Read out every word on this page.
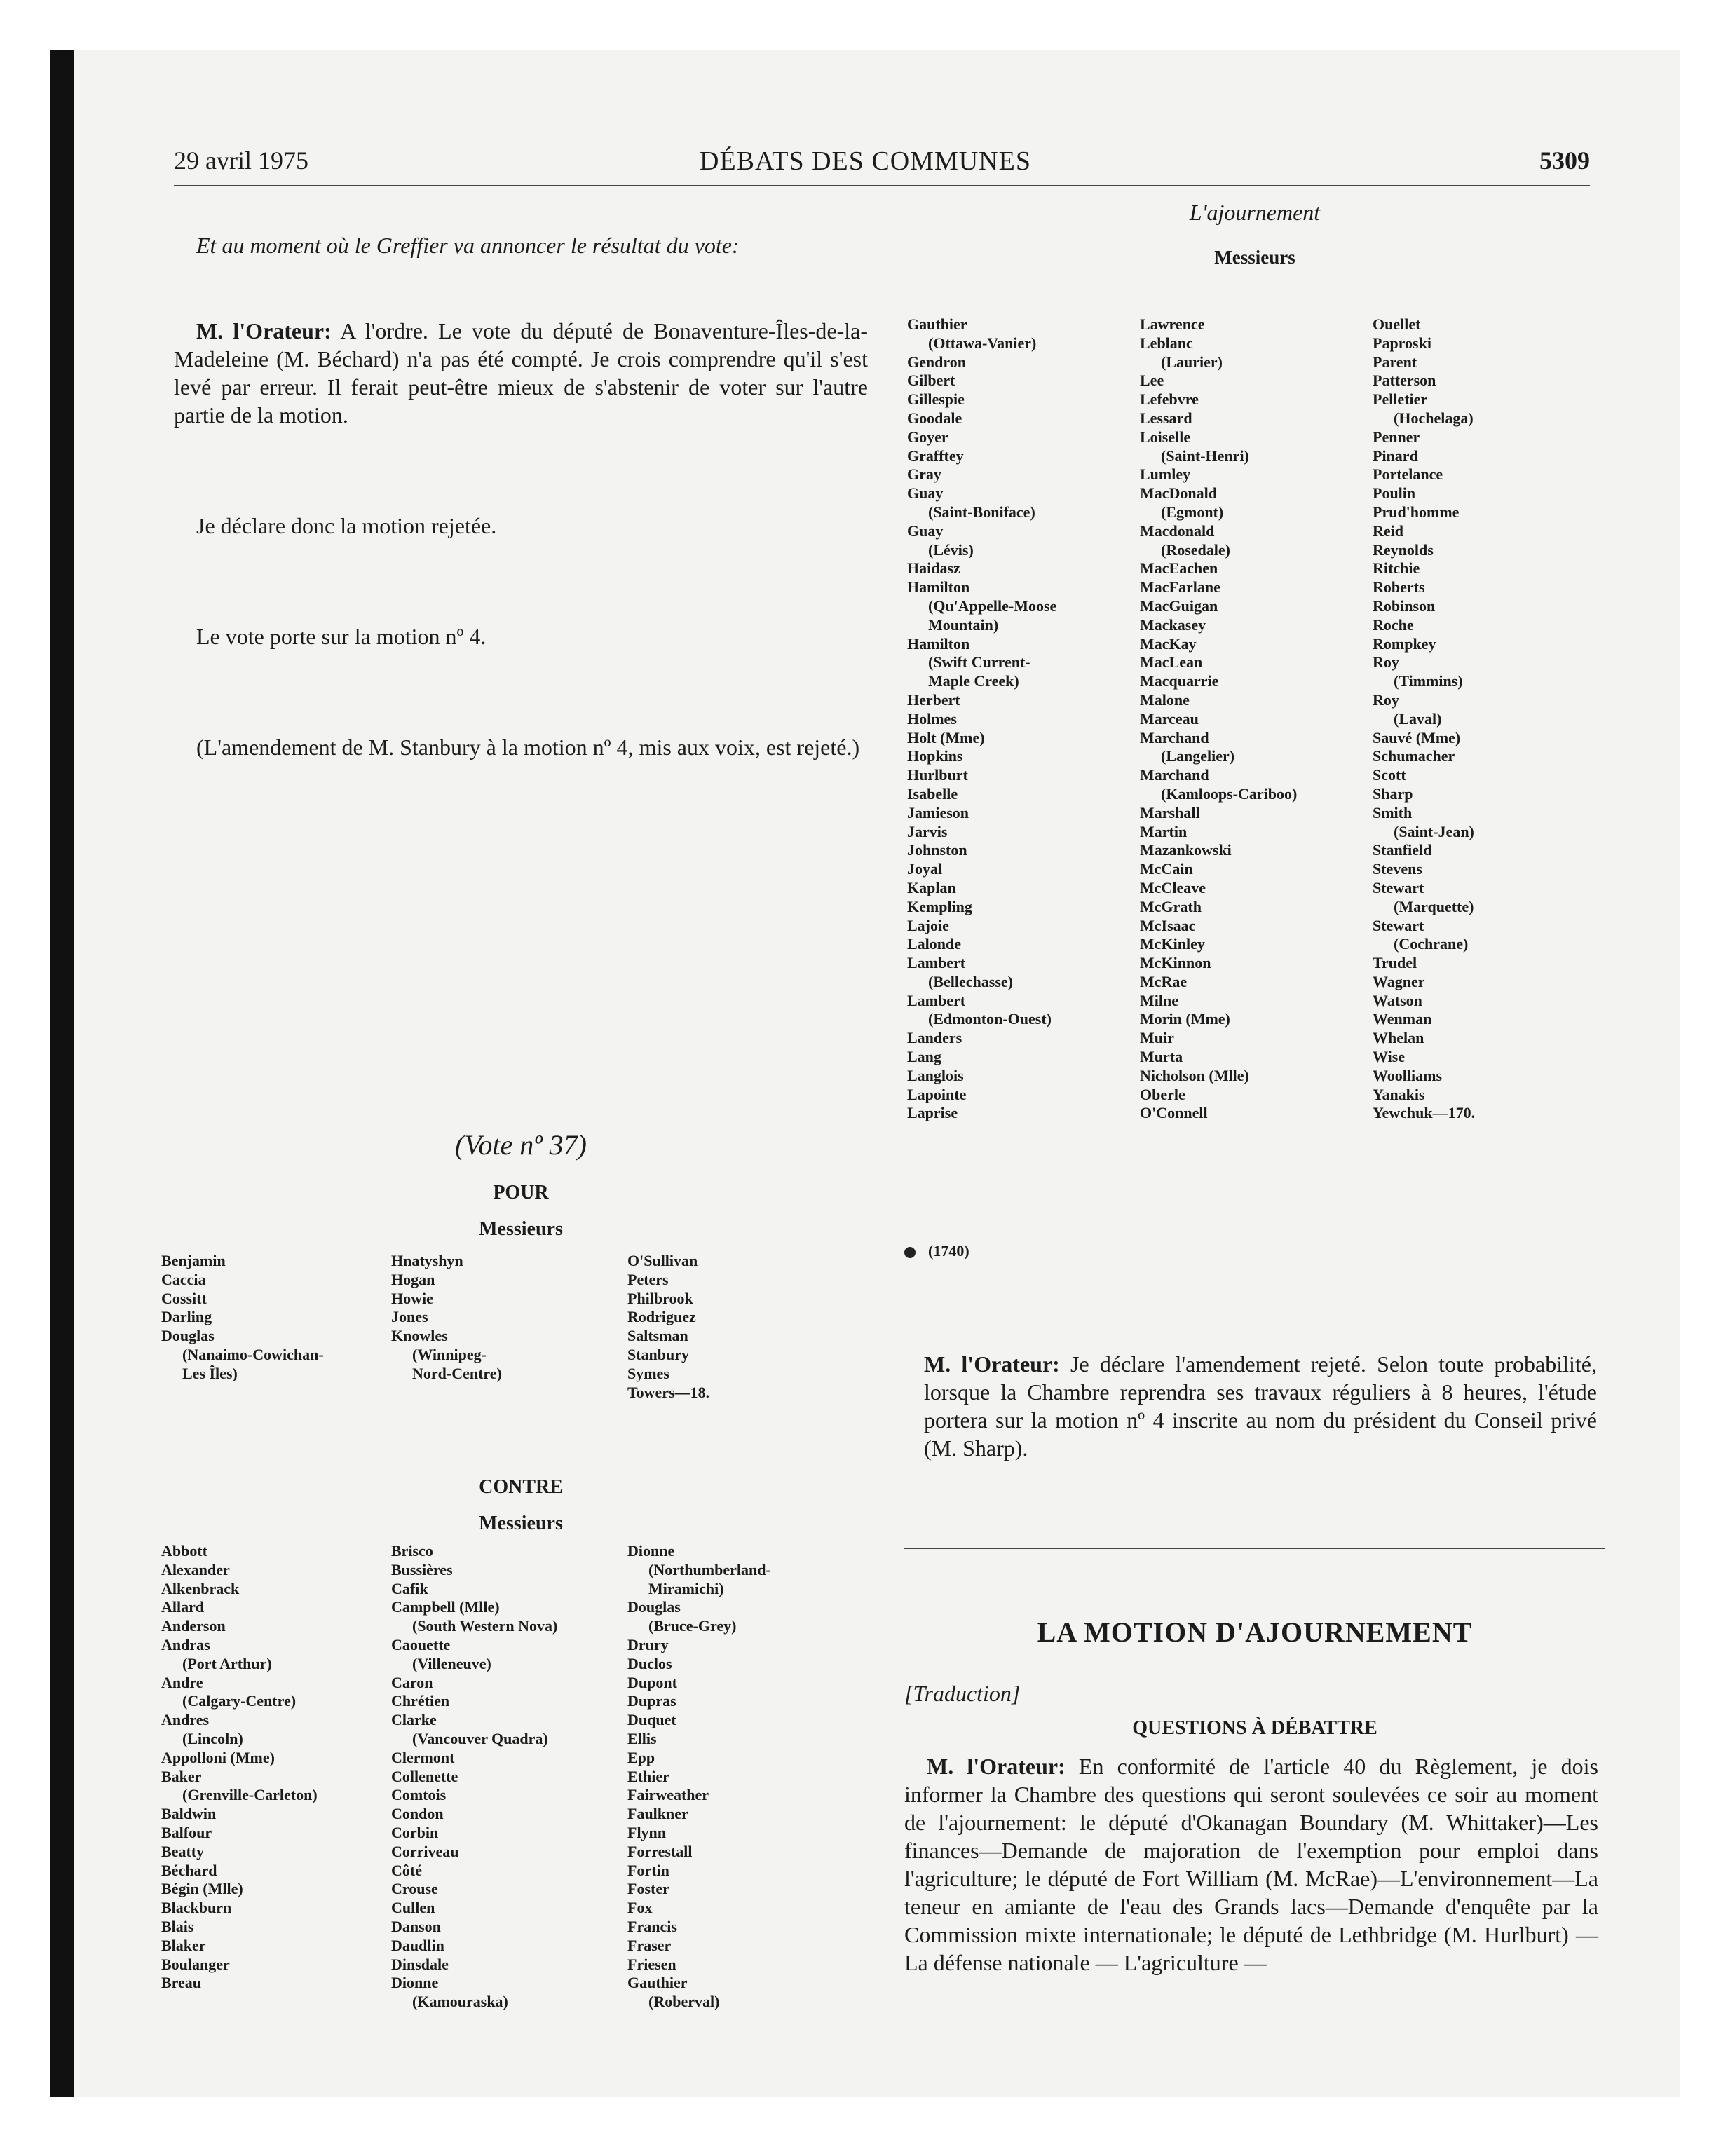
29 avril 1975	DÉBATS DES COMMUNES	5309

Et au moment où le Greffier va annoncer le résultat du vote:

M. l'Orateur: A l'ordre. Le vote du député de Bonaventure-Îles-de-la-Madeleine (M. Béchard) n'a pas été compté. Je crois comprendre qu'il s'est levé par erreur. Il ferait peut-être mieux de s'abstenir de voter sur l'autre partie de la motion.

Je déclare donc la motion rejetée.

Le vote porte sur la motion nº 4.

(L'amendement de M. Stanbury à la motion nº 4, mis aux voix, est rejeté.)

(Vote nº 37)
POUR
Messieurs
Benjamin
Caccia
Cossitt
Darling
Douglas
(Nanaimo-Cowichan-
Les Îles)
Hnatyshyn
Hogan
Howie
Jones
Knowles
(Winnipeg-
Nord-Centre)
O'Sullivan
Peters
Philbrook
Rodriguez
Saltsman
Stanbury
Symes
Towers—18.
CONTRE
Messieurs
Abbott
Alexander
Alkenbrack
Allard
Anderson
Andras
(Port Arthur)
Andre
(Calgary-Centre)
Andres
(Lincoln)
Appolloni (Mme)
Baker
(Grenville-Carleton)
Baldwin
Balfour
Beatty
Béchard
Bégin (Mlle)
Blackburn
Blais
Blaker
Boulanger
Breau
Brisco
Bussières
Cafik
Campbell (Mlle)
(South Western Nova)
Caouette
(Villeneuve)
Caron
Chrétien
Clarke
(Vancouver Quadra)
Clermont
Collenette
Comtois
Condon
Corbin
Corriveau
Côté
Crouse
Cullen
Danson
Daudlin
Dinsdale
Dionne
(Kamouraska)
Dionne
(Northumberland-
Miramichi)
Douglas
(Bruce-Grey)
Drury
Duclos
Dupont
Dupras
Duquet
Ellis
Epp
Ethier
Fairweather
Faulkner
Flynn
Forrestall
Fortin
Foster
Fox
Francis
Fraser
Friesen
Gauthier
(Roberval)
L'ajournement
Messieurs
Gauthier
(Ottawa-Vanier)
Gendron
Gilbert
Gillespie
Goodale
Goyer
Grafftey
Gray
Guay
(Saint-Boniface)
Guay
(Lévis)
Haidasz
Hamilton
(Qu'Appelle-Moose
Mountain)
Hamilton
(Swift Current-
Maple Creek)
Herbert
Holmes
Holt (Mme)
Hopkins
Hurlburt
Isabelle
Jamieson
Jarvis
Johnston
Joyal
Kaplan
Kempling
Lajoie
Lalonde
Lambert
(Bellechasse)
Lambert
(Edmonton-Ouest)
Landers
Lang
Langlois
Lapointe
Laprise
Lawrence
Leblanc
(Laurier)
Lee
Lefebvre
Lessard
Loiselle
(Saint-Henri)
Lumley
MacDonald
(Egmont)
Macdonald
(Rosedale)
MacEachen
MacFarlane
MacGuigan
Mackasey
MacKay
MacLean
Macquarrie
Malone
Marceau
Marchand
(Langelier)
Marchand
(Kamloops-Cariboo)
Marshall
Martin
Mazankowski
McCain
McCleave
McGrath
McIsaac
McKinley
McKinnon
McRae
Milne
Morin (Mme)
Muir
Murta
Nicholson (Mlle)
Oberle
O'Connell
Ouellet
Paproski
Parent
Patterson
Pelletier
(Hochelaga)
Penner
Pinard
Portelance
Poulin
Prud'homme
Reid
Reynolds
Ritchie
Roberts
Robinson
Roche
Rompkey
Roy
(Timmins)
Roy
(Laval)
Sauvé (Mme)
Schumacher
Scott
Sharp
Smith
(Saint-Jean)
Stanfield
Stevens
Stewart
(Marquette)
Stewart
(Cochrane)
Trudel
Wagner
Watson
Wenman
Whelan
Wise
Woolliams
Yanakis
Yewchuk—170.
(1740)

M. l'Orateur: Je déclare l'amendement rejeté. Selon toute probabilité, lorsque la Chambre reprendra ses travaux réguliers à 8 heures, l'étude portera sur la motion nº 4 inscrite au nom du président du Conseil privé (M. Sharp).

LA MOTION D'AJOURNEMENT
[Traduction]
QUESTIONS À DÉBATTRE

M. l'Orateur: En conformité de l'article 40 du Règlement, je dois informer la Chambre des questions qui seront soulevées ce soir au moment de l'ajournement: le député d'Okanagan Boundary (M. Whittaker)—Les finances—Demande de majoration de l'exemption pour emploi dans l'agriculture; le député de Fort William (M. McRae)—L'environnement—La teneur en amiante de l'eau des Grands lacs—Demande d'enquête par la Commission mixte internationale; le député de Lethbridge (M. Hurlburt) — La défense nationale — L'agriculture —
